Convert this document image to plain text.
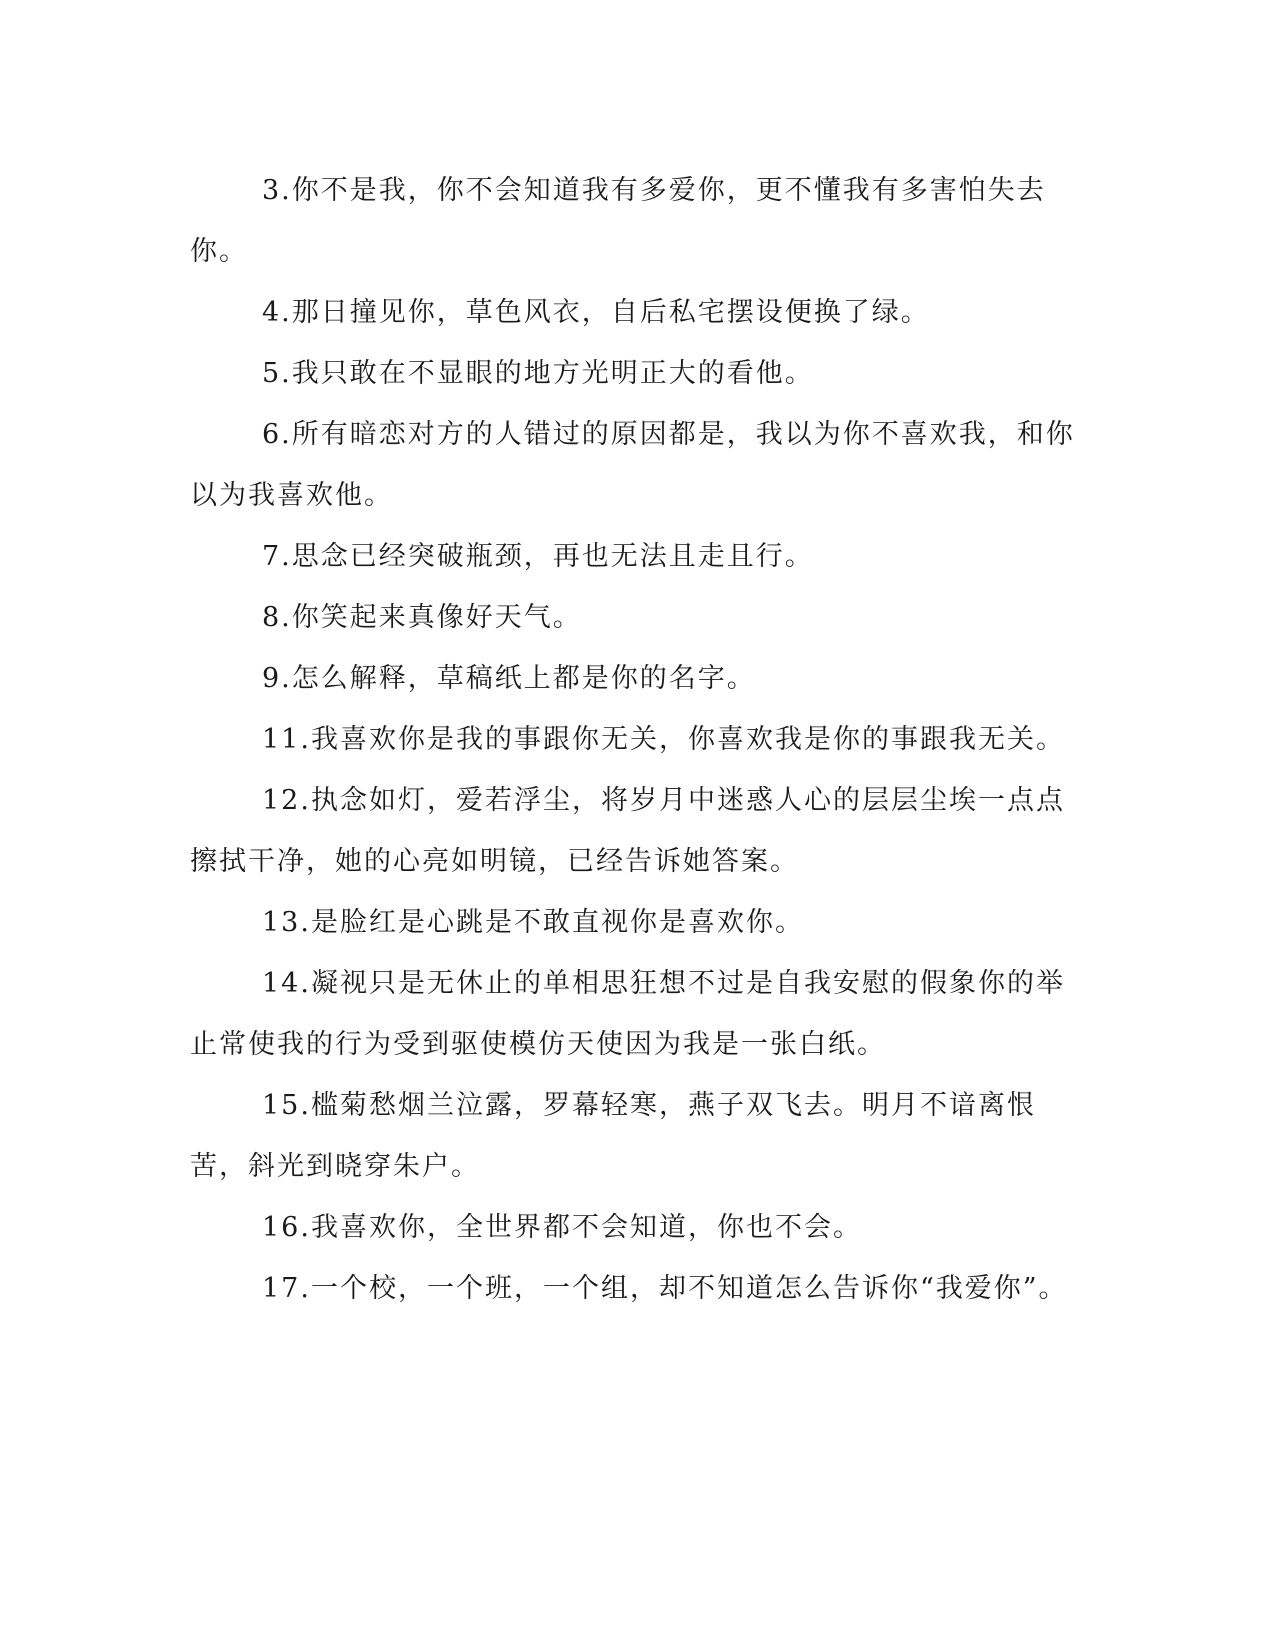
3.你不是我，你不会知道我有多爱你，更不懂我有多害怕失去你。

4.那日撞见你，草色风衣，自后私宅摆设便换了绿。

5.我只敢在不显眼的地方光明正大的看他。

6.所有暗恋对方的人错过的原因都是，我以为你不喜欢我，和你以为我喜欢他。

7.思念已经突破瓶颈，再也无法且走且行。

8.你笑起来真像好天气。

9.怎么解释，草稿纸上都是你的名字。

11.我喜欢你是我的事跟你无关，你喜欢我是你的事跟我无关。

12.执念如灯，爱若浮尘，将岁月中迷惑人心的层层尘埃一点点擦拭干净，她的心亮如明镜，已经告诉她答案。

13.是脸红是心跳是不敢直视你是喜欢你。

14.凝视只是无休止的单相思狂想不过是自我安慰的假象你的举止常使我的行为受到驱使模仿天使因为我是一张白纸。

15.槛菊愁烟兰泣露，罗幕轻寒，燕子双飞去。明月不谙离恨苦，斜光到晓穿朱户。

16.我喜欢你，全世界都不会知道，你也不会。

17.一个校，一个班，一个组，却不知道怎么告诉你“我爱你”。
